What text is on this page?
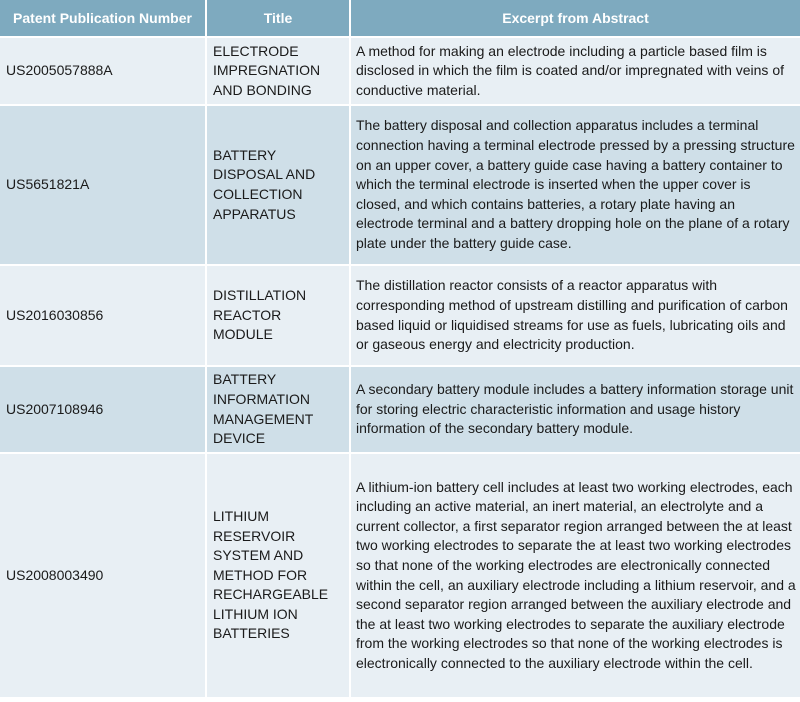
Patent Publication Number	Title	Excerpt from Abstract
US2005057888A	ELECTRODE IMPREGNATION AND BONDING	A method for making an electrode including a particle based film is disclosed in which the film is coated and/or impregnated with veins of conductive material.
US5651821A	BATTERY DISPOSAL AND COLLECTION APPARATUS	The battery disposal and collection apparatus includes a terminal connection having a terminal electrode pressed by a pressing structure on an upper cover, a battery guide case having a battery container to which the terminal electrode is inserted when the upper cover is closed, and which contains batteries, a rotary plate having an electrode terminal and a battery dropping hole on the plane of a rotary plate under the battery guide case.
US2016030856	DISTILLATION REACTOR MODULE	The distillation reactor consists of a reactor apparatus with corresponding method of upstream distilling and purification of carbon based liquid or liquidised streams for use as fuels, lubricating oils and or gaseous energy and electricity production.
US2007108946	BATTERY INFORMATION MANAGEMENT DEVICE	A secondary battery module includes a battery information storage unit for storing electric characteristic information and usage history information of the secondary battery module.
US2008003490	LITHIUM RESERVOIR SYSTEM AND METHOD FOR RECHARGEABLE LITHIUM ION BATTERIES	A lithium-ion battery cell includes at least two working electrodes, each including an active material, an inert material, an electrolyte and a current collector, a first separator region arranged between the at least two working electrodes to separate the at least two working electrodes so that none of the working electrodes are electronically connected within the cell, an auxiliary electrode including a lithium reservoir, and a second separator region arranged between the auxiliary electrode and the at least two working electrodes to separate the auxiliary electrode from the working electrodes so that none of the working electrodes is electronically connected to the auxiliary electrode within the cell.
